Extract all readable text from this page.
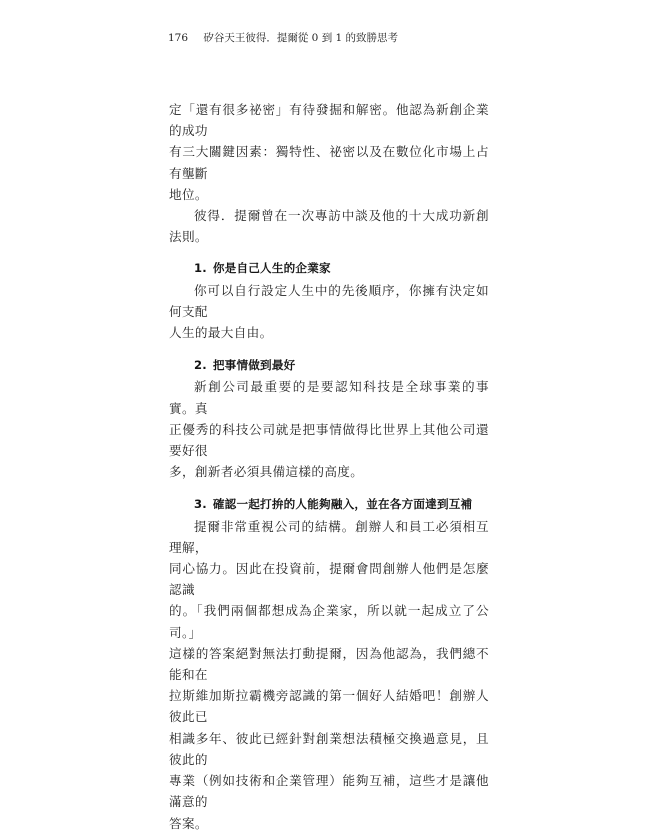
176 矽谷天王彼得．提爾從 0 到 1 的致勝思考

定「還有很多祕密」有待發掘和解密。他認為新創企業的成功
有三大關鍵因素：獨特性、祕密以及在數位化市場上占有壟斷
地位。

彼得．提爾曾在一次專訪中談及他的十大成功新創法則。

1. 你是自己人生的企業家

你可以自行設定人生中的先後順序，你擁有決定如何支配
人生的最大自由。

2. 把事情做到最好

新創公司最重要的是要認知科技是全球事業的事實。真
正優秀的科技公司就是把事情做得比世界上其他公司還要好很
多，創新者必須具備這樣的高度。

3. 確認一起打拚的人能夠融入，並在各方面達到互補

提爾非常重視公司的結構。創辦人和員工必須相互理解，
同心協力。因此在投資前，提爾會問創辦人他們是怎麼認識
的。「我們兩個都想成為企業家，所以就一起成立了公司。」
這樣的答案絕對無法打動提爾，因為他認為，我們總不能和在
拉斯維加斯拉霸機旁認識的第一個好人結婚吧！創辦人彼此已
相識多年、彼此已經針對創業想法積極交換過意見，且彼此的
專業（例如技術和企業管理）能夠互補，這些才是讓他滿意的
答案。
